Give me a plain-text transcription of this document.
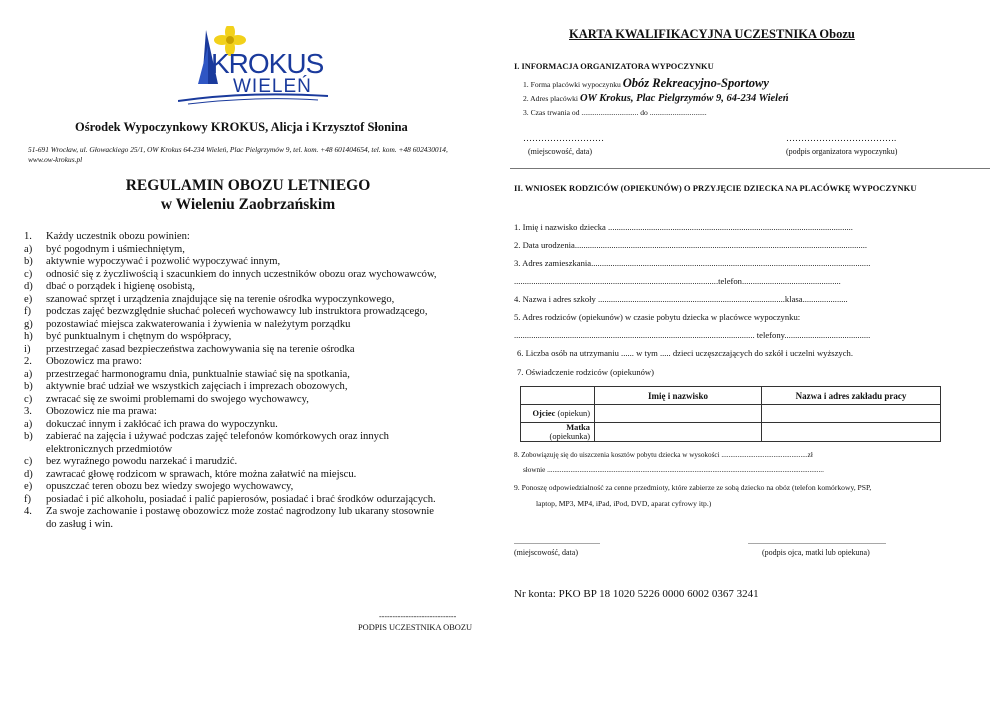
KROKUS
WIELEŃ
Ośrodek Wypoczynkowy KROKUS, Alicja i Krzysztof Słonina
51-691 Wrocław, ul. Głowackiego 25/1, OW Krokus 64-234 Wieleń, Plac Pielgrzymów 9, tel. kom. +48 601404654, tel. kom. +48 602430014, www.ow-krokus.pl
REGULAMIN OBOZU LETNIEGO
w Wieleniu Zaobrzańskim
1. Każdy uczestnik obozu powinien:
a) być pogodnym i uśmiechniętym,
b) aktywnie wypoczywać i pozwolić wypoczywać innym,
c) odnosić się z życzliwością i szacunkiem do innych uczestników obozu oraz wychowawców,
d) dbać o porządek i higienę osobistą,
e) szanować sprzęt i urządzenia znajdujące się na terenie ośrodka wypoczynkowego,
f) podczas zajęć bezwzględnie słuchać poleceń wychowawcy lub instruktora prowadzącego,
g) pozostawiać miejsca zakwaterowania i żywienia w należytym porządku
h) być punktualnym i chętnym do współpracy,
i) przestrzegać zasad bezpieczeństwa zachowywania się na terenie ośrodka
2. Obozowicz ma prawo:
a) przestrzegać harmonogramu dnia, punktualnie stawiać się na spotkania,
b) aktywnie brać udział we wszystkich zajęciach i imprezach obozowych,
c) zwracać się ze swoimi problemami do swojego wychowawcy,
3. Obozowicz nie ma prawa:
a) dokuczać innym i zakłócać ich prawa do wypoczynku.
b) zabierać na zajęcia i używać podczas zajęć telefonów komórkowych oraz innych
elektronicznych przedmiotów
c) bez wyraźnego powodu narzekać i marudzić.
d) zawracać głowę rodzicom w sprawach, które można załatwić na miejscu.
e) opuszczać teren obozu bez wiedzy swojego wychowawcy,
f) posiadać i pić alkoholu, posiadać i palić papierosów, posiadać i brać środków odurzających.
4. Za swoje zachowanie i postawę obozowicz może zostać nagrodzony lub ukarany stosownie
do zasług i win.
-----------------------------
PODPIS UCZESTNIKA OBOZU
KARTA KWALIFIKACYJNA UCZESTNIKA Obozu
I. INFORMACJA ORGANIZATORA WYPOCZYNKU
1. Forma placówki wypoczynku Obóz Rekreacyjno-Sportowy
2. Adres placówki OW Krokus, Plac Pielgrzymów 9, 64-234 Wieleń
3. Czas trwania od .............................. do ..............................
………………………	……………………………….
(miejscowość, data)	(podpis organizatora wypoczynku)
II. WNIOSEK RODZICÓW (OPIEKUNÓW) O PRZYJĘCIE DZIECKA NA PLACÓWKĘ WYPOCZYNKU
1. Imię i nazwisko dziecka ..................................................................................................................
2. Data urodzenia........................................................................................................................................
3. Adres zamieszkania..................................................................................................................................
...............................................................................................telefon..............................................
4. Nazwa i adres szkoły .......................................................................................klasa.....................
5. Adres rodziców (opiekunów) w czasie pobytu dziecka w placówce wypoczynku:
................................................................................................................ telefony........................................
6. Liczba osób na utrzymaniu ...... w tym ..... dzieci uczęszczających do szkół i uczelni wyższych.
7. Oświadczenie rodziców (opiekunów)
	Imię i nazwisko	Nazwa i adres zakładu pracy
Ojciec (opiekun)		
Matka (opiekunka)		
8. Zobowiązuję się do uiszczenia kosztów pobytu dziecka w wysokości ................................................zł
słownie ..........................................................................................................................................................
9. Ponoszę odpowiedzialność za cenne przedmioty, które zabierze ze sobą dziecko na obóz (telefon komórkowy, PSP,
laptop, MP3, MP4, iPad, iPod, DVD, aparat cyfrowy itp.)
...........................................	.....................................................................
(miejscowość, data)	(podpis ojca, matki lub opiekuna)
Nr konta: PKO BP 18 1020 5226 0000 6002 0367 3241
